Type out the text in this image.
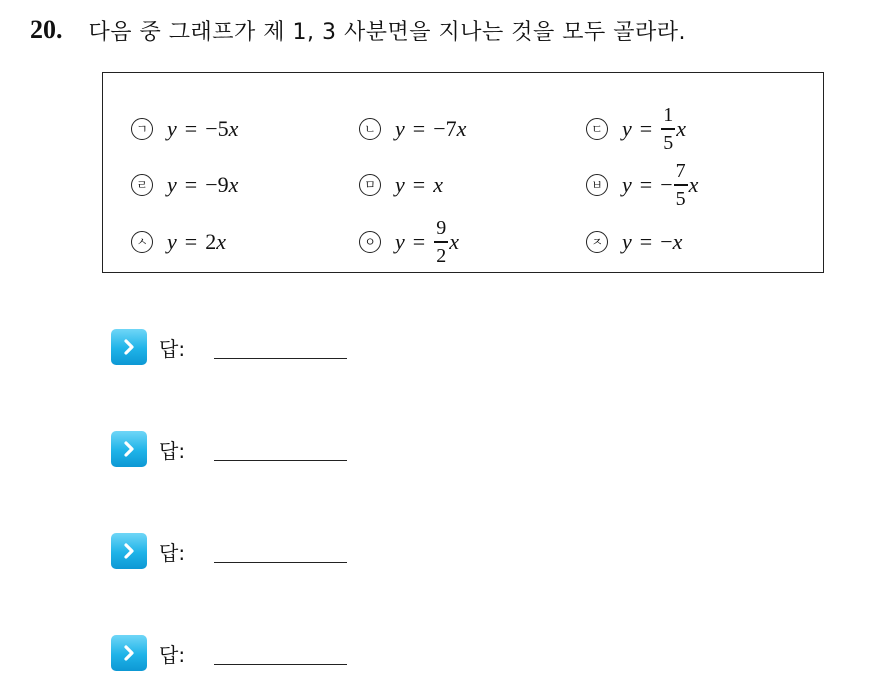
20. 다음 중 그래프가 제 1, 3 사분면을 지나는 것을 모두 골라라.
ㄱ y = −5 x	ㄴ y = −7 x	ㄷ $y = \frac{1}{5}$ x
ㄹ y = −9 x	ㅁ y = x	ㅂ y = − $\frac{7}{5}$ x
ㅅ y = 2 x	ㅇ $y = \frac{9}{2}$ x	ㅈ y = − x
답:
답:
답:
답:
